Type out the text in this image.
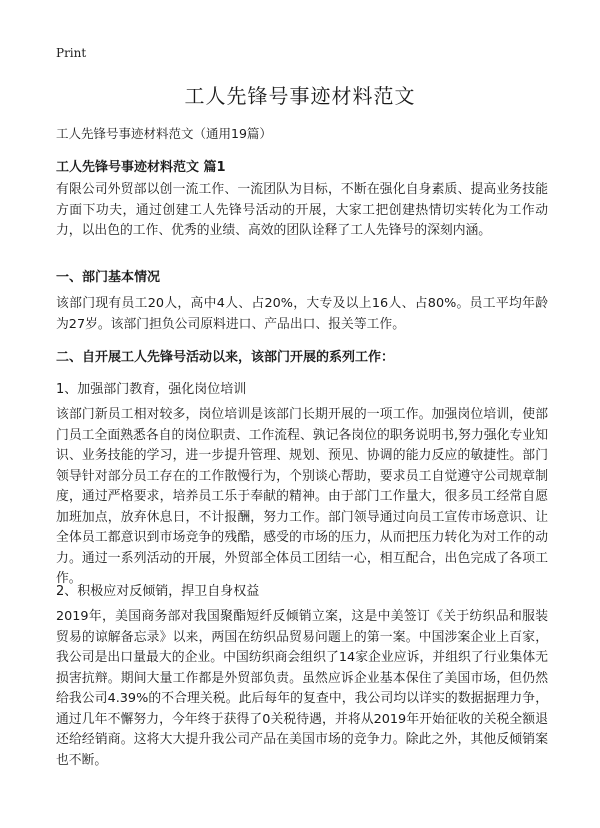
Print
工人先锋号事迹材料范文

工人先锋号事迹材料范文（通用19篇）

工人先锋号事迹材料范文 篇1

有限公司外贸部以创一流工作、一流团队为目标，不断在强化自身素质、提高业务技能方面下功夫，通过创建工人先锋号活动的开展，大家工把创建热情切实转化为工作动力，以出色的工作、优秀的业绩、高效的团队诠释了工人先锋号的深刻内涵。

一、部门基本情况

该部门现有员工20人，高中4人、占20%，大专及以上16人、占80%。员工平均年龄为27岁。该部门担负公司原料进口、产品出口、报关等工作。

二、自开展工人先锋号活动以来，该部门开展的系列工作：

1、加强部门教育，强化岗位培训

该部门新员工相对较多，岗位培训是该部门长期开展的一项工作。加强岗位培训，使部门员工全面熟悉各自的岗位职责、工作流程、孰记各岗位的职务说明书,努力强化专业知识、业务技能的学习，进一步提升管理、规划、预见、协调的能力反应的敏捷性。部门领导针对部分员工存在的工作散慢行为，个别谈心帮助，要求员工自觉遵守公司规章制度，通过严格要求，培养员工乐于奉献的精神。由于部门工作量大，很多员工经常自愿加班加点，放弃休息日，不计报酬，努力工作。部门领导通过向员工宣传市场意识、让全体员工都意识到市场竞争的残酷，感受的市场的压力，从而把压力转化为对工作的动力。通过一系列活动的开展，外贸部全体员工团结一心，相互配合，出色完成了各项工作。

2、积极应对反倾销，捍卫自身权益

2019年，美国商务部对我国聚酯短纤反倾销立案，这是中美签订《关于纺织品和服装贸易的谅解备忘录》以来，两国在纺织品贸易问题上的第一案。中国涉案企业上百家，我公司是出口量最大的企业。中国纺织商会组织了14家企业应诉，并组织了行业集体无损害抗辩。期间大量工作都是外贸部负责。虽然应诉企业基本保住了美国市场，但仍然给我公司4.39%的不合理关税。此后每年的复查中，我公司均以详实的数据据理力争，通过几年不懈努力，今年终于获得了0关税待遇，并将从2019年开始征收的关税全额退还给经销商。这将大大提升我公司产品在美国市场的竞争力。除此之外，其他反倾销案也不断。
